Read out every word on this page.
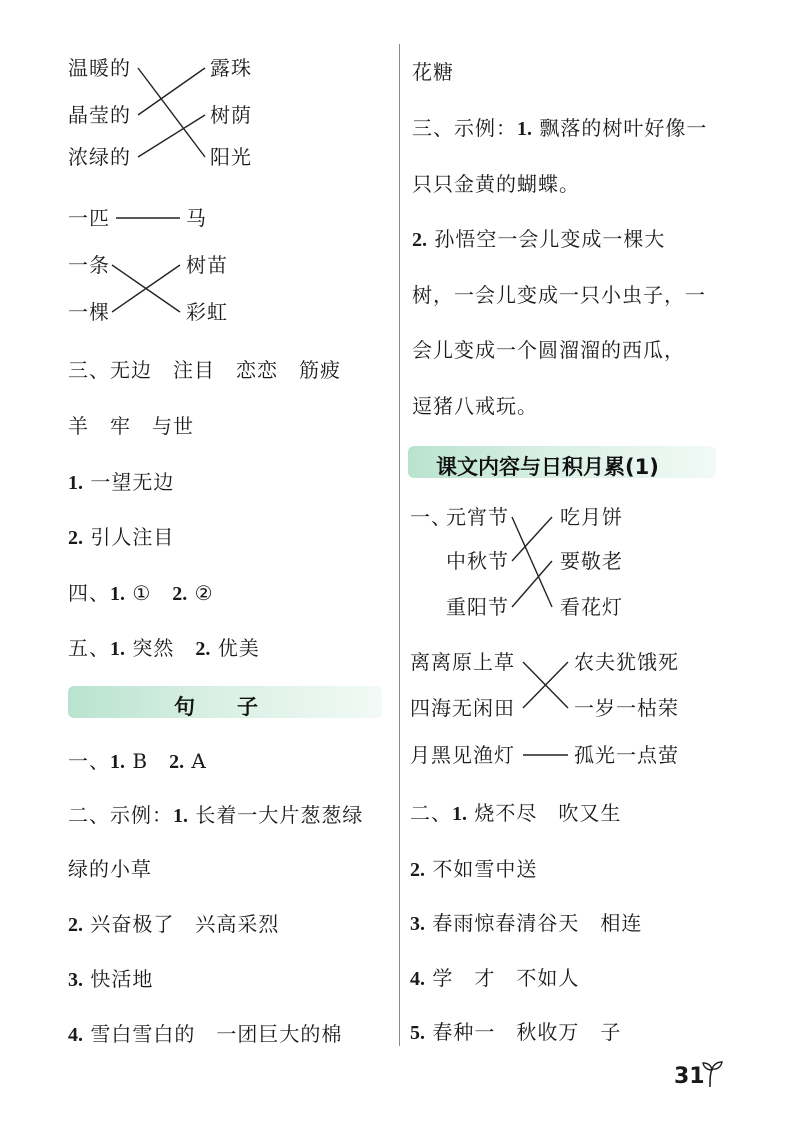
温暖的
晶莹的
浓绿的
露珠
树荫
阳光
一匹
一条
一棵
马
树苗
彩虹
三、无边　注目　恋恋　筋疲
羊　牢　与世
1. 一望无边
2. 引人注目
四、1. ①　2. ②
五、1. 突然　2. 优美
句　　子
一、1. B　2. A
二、示例：1. 长着一大片葱葱绿
绿的小草
2. 兴奋极了　兴高采烈
3. 快活地
4. 雪白雪白的　一团巨大的棉
花糖
三、示例：1. 飘落的树叶好像一
只只金黄的蝴蝶。
2. 孙悟空一会儿变成一棵大
树，一会儿变成一只小虫子，一
会儿变成一个圆溜溜的西瓜，
逗猪八戒玩。
课文内容与日积月累(1)
一、
元宵节
中秋节
重阳节
吃月饼
要敬老
看花灯
离离原上草
四海无闲田
月黑见渔灯
农夫犹饿死
一岁一枯荣
孤光一点萤
二、1. 烧不尽　吹又生
2. 不如雪中送
3. 春雨惊春清谷天　相连
4. 学　才　不如人
5. 春种一　秋收万　子
31
